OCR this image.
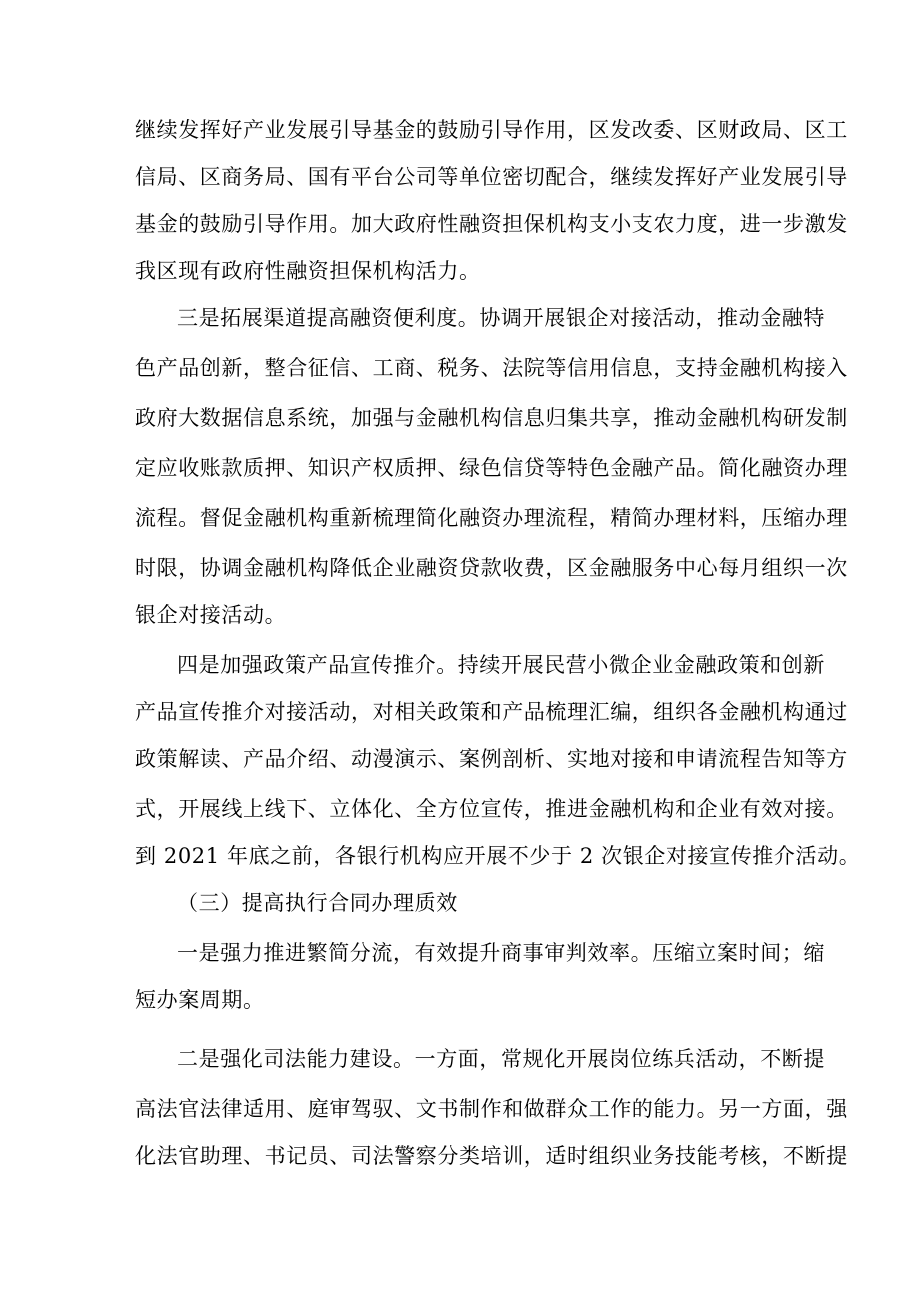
继续发挥好产业发展引导基金的鼓励引导作用，区发改委、区财政局、区工
信局、区商务局、国有平台公司等单位密切配合，继续发挥好产业发展引导
基金的鼓励引导作用。加大政府性融资担保机构支小支农力度，进一步激发
我区现有政府性融资担保机构活力。
三是拓展渠道提高融资便利度。协调开展银企对接活动，推动金融特
色产品创新，整合征信、工商、税务、法院等信用信息，支持金融机构接入
政府大数据信息系统，加强与金融机构信息归集共享，推动金融机构研发制
定应收账款质押、知识产权质押、绿色信贷等特色金融产品。简化融资办理
流程。督促金融机构重新梳理简化融资办理流程，精简办理材料，压缩办理
时限，协调金融机构降低企业融资贷款收费，区金融服务中心每月组织一次
银企对接活动。
四是加强政策产品宣传推介。持续开展民营小微企业金融政策和创新
产品宣传推介对接活动，对相关政策和产品梳理汇编，组织各金融机构通过
政策解读、产品介绍、动漫演示、案例剖析、实地对接和申请流程告知等方
式，开展线上线下、立体化、全方位宣传，推进金融机构和企业有效对接。
到 2021 年底之前，各银行机构应开展不少于 2 次银企对接宣传推介活动。
（三）提高执行合同办理质效
一是强力推进繁简分流，有效提升商事审判效率。压缩立案时间；缩
短办案周期。
二是强化司法能力建设。一方面，常规化开展岗位练兵活动，不断提
高法官法律适用、庭审驾驭、文书制作和做群众工作的能力。另一方面，强
化法官助理、书记员、司法警察分类培训，适时组织业务技能考核，不断提
